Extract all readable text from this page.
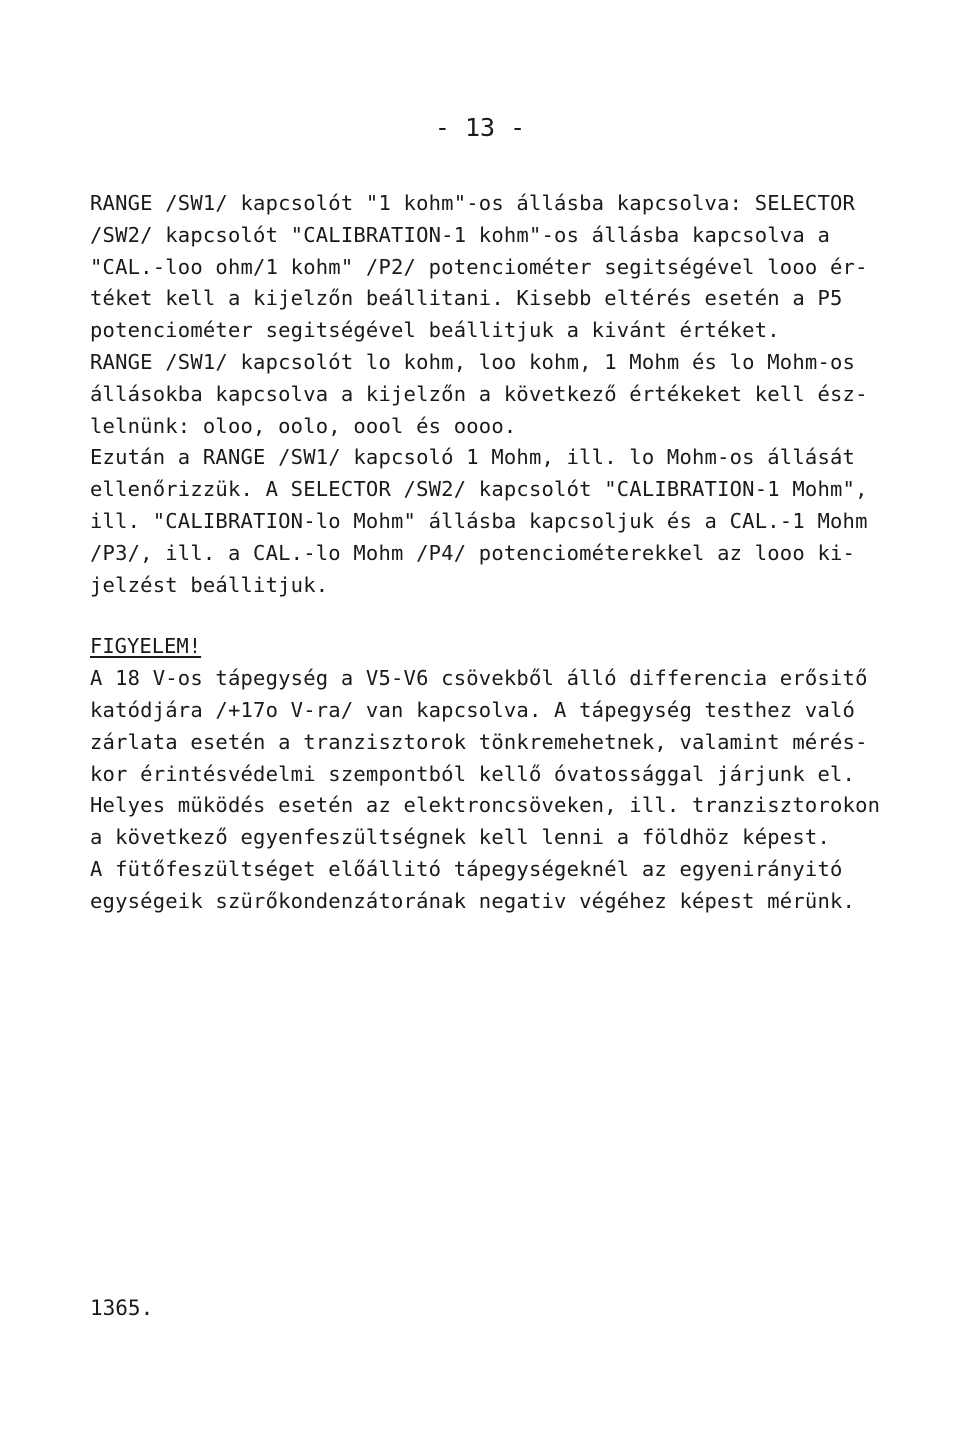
- 13 -
RANGE /SW1/ kapcsolót "1 kohm"-os állásba kapcsolva: SELECTOR
/SW2/ kapcsolót "CALIBRATION-1 kohm"-os állásba kapcsolva a
"CAL.-loo ohm/1 kohm" /P2/ potenciométer segitségével looo ér-
téket kell a kijelzőn beállitani. Kisebb eltérés esetén a P5
potenciométer segitségével beállitjuk a kivánt értéket.
RANGE /SW1/ kapcsolót lo kohm, loo kohm, 1 Mohm és lo Mohm-os
állásokba kapcsolva a kijelzőn a következő értékeket kell ész-
lelnünk: oloo, oolo, oool és oooo.
Ezután a RANGE /SW1/ kapcsoló 1 Mohm, ill. lo Mohm-os állását
ellenőrizzük. A SELECTOR /SW2/ kapcsolót "CALIBRATION-1 Mohm",
ill. "CALIBRATION-lo Mohm" állásba kapcsoljuk és a CAL.-1 Mohm
/P3/, ill. a CAL.-lo Mohm /P4/ potenciométerekkel az looo ki-
jelzést beállitjuk.
FIGYELEM!
A 18 V-os tápegység a V5-V6 csövekből álló differencia erősitő
katódjára /+17o V-ra/ van kapcsolva. A tápegység testhez való
zárlata esetén a tranzisztorok tönkremehetnek, valamint mérés-
kor érintésvédelmi szempontból kellő óvatossággal járjunk el.
Helyes müködés esetén az elektroncsöveken, ill. tranzisztorokon
a következő egyenfeszültségnek kell lenni a földhöz képest.
A fütőfeszültséget előállitó tápegységeknél az egyenirányitó
egységeik szürőkondenzátorának negativ végéhez képest mérünk.
1365.
